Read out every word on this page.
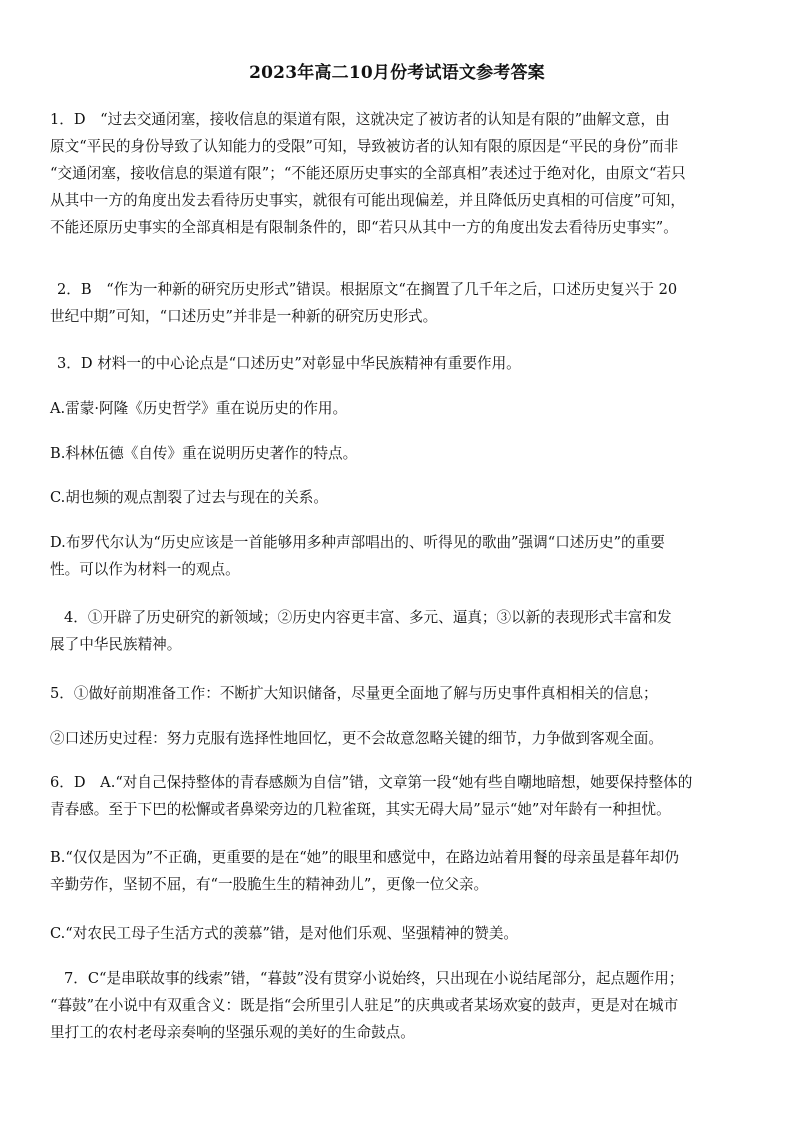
2023年高二10月份考试语文参考答案

1．D　“过去交通闭塞，接收信息的渠道有限，这就决定了被访者的认知是有限的”曲解文意，由

原文“平民的身份导致了认知能力的受限”可知，导致被访者的认知有限的原因是“平民的身份”而非

“交通闭塞，接收信息的渠道有限”；“不能还原历史事实的全部真相”表述过于绝对化，由原文“若只

从其中一方的角度出发去看待历史事实，就很有可能出现偏差，并且降低历史真相的可信度”可知，

不能还原历史事实的全部真相是有限制条件的，即“若只从其中一方的角度出发去看待历史事实”。

2．B　“作为一种新的研究历史形式”错误。根据原文“在搁置了几千年之后，口述历史复兴于 20

世纪中期”可知，“口述历史”并非是一种新的研究历史形式。

3．D 材料一的中心论点是“口述历史”对彰显中华民族精神有重要作用。

A.雷蒙·阿隆《历史哲学》重在说历史的作用。

B.科林伍德《自传》重在说明历史著作的特点。

C.胡也频的观点割裂了过去与现在的关系。

D.布罗代尔认为“历史应该是一首能够用多种声部唱出的、听得见的歌曲”强调“口述历史”的重要

性。可以作为材料一的观点。

4．①开辟了历史研究的新领域；②历史内容更丰富、多元、逼真；③以新的表现形式丰富和发

展了中华民族精神。

5．①做好前期准备工作：不断扩大知识储备，尽量更全面地了解与历史事件真相相关的信息；

②口述历史过程：努力克服有选择性地回忆，更不会故意忽略关键的细节，力争做到客观全面。

6．D　A.“对自己保持整体的青春感颇为自信”错，文章第一段“她有些自嘲地暗想，她要保持整体的

青春感。至于下巴的松懈或者鼻梁旁边的几粒雀斑，其实无碍大局”显示“她”对年龄有一种担忧。

B.“仅仅是因为”不正确，更重要的是在“她”的眼里和感觉中，在路边站着用餐的母亲虽是暮年却仍

辛勤劳作，坚韧不屈，有“一股脆生生的精神劲儿”，更像一位父亲。

C.“对农民工母子生活方式的羡慕”错，是对他们乐观、坚强精神的赞美。

7．C“是串联故事的线索”错，“暮鼓”没有贯穿小说始终，只出现在小说结尾部分，起点题作用；

“暮鼓”在小说中有双重含义：既是指“会所里引人驻足”的庆典或者某场欢宴的鼓声，更是对在城市

里打工的农村老母亲奏响的坚强乐观的美好的生命鼓点。
